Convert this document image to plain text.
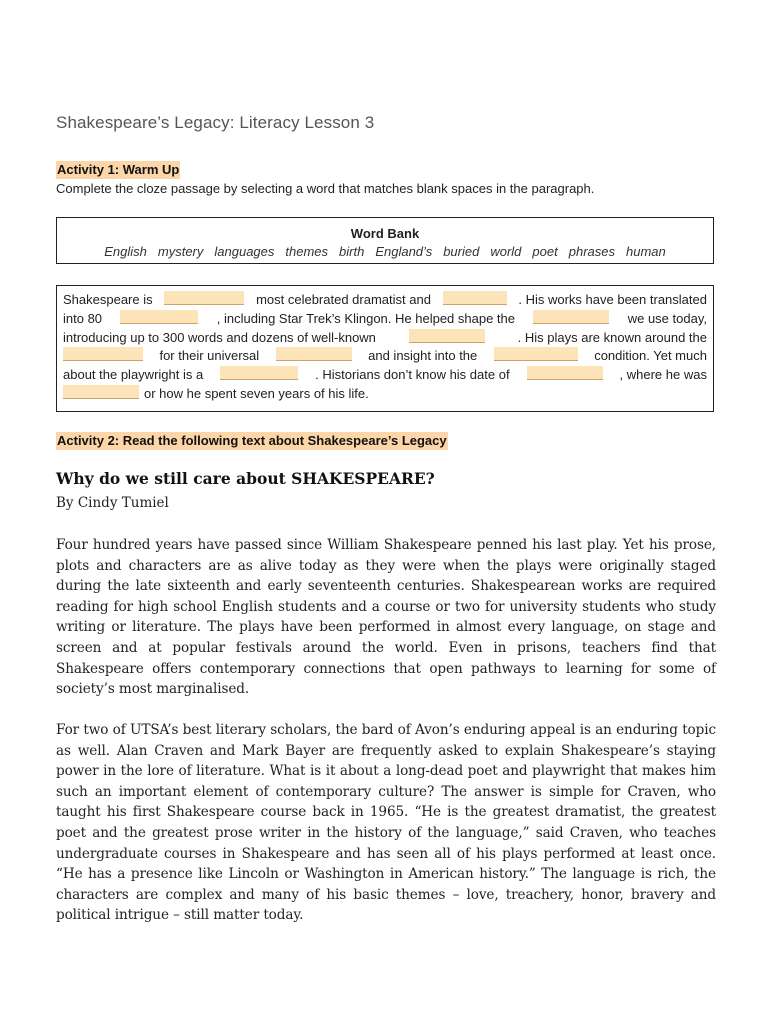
Shakespeare’s Legacy: Literacy Lesson 3
Activity 1: Warm Up

Complete the cloze passage by selecting a word that matches blank spaces in the paragraph.

Word Bank
English mystery languages themes birth England’s buried world poet phrases human
Shakespeare is	most celebrated dramatist and	. His works have been translated
into 80	, including Star Trek’s Klingon. He helped shape the	we use today,
introducing up to 300 words and dozens of well-known	. His plays are known around the
for their universal	and insight into the	condition. Yet much
about the playwright is a	. Historians don’t know his date of	, where he was
or how he spent seven years of his life.
Activity 2: Read the following text about Shakespeare’s Legacy
Why do we still care about SHAKESPEARE?

By Cindy Tumiel

Four hundred years have passed since William Shakespeare penned his last play. Yet his prose, plots and characters are as alive today as they were when the plays were originally staged during the late sixteenth and early seventeenth centuries. Shakespearean works are required reading for high school English students and a course or two for university students who study writing or literature. The plays have been performed in almost every language, on stage and screen and at popular festivals around the world. Even in prisons, teachers find that Shakespeare offers contemporary connections that open pathways to learning for some of society’s most marginalised.

For two of UTSA’s best literary scholars, the bard of Avon’s enduring appeal is an enduring topic as well. Alan Craven and Mark Bayer are frequently asked to explain Shakespeare’s staying power in the lore of literature. What is it about a long-dead poet and playwright that makes him such an important element of contemporary culture? The answer is simple for Craven, who taught his first Shakespeare course back in 1965. “He is the greatest dramatist, the greatest poet and the greatest prose writer in the history of the language,” said Craven, who teaches undergraduate courses in Shakespeare and has seen all of his plays performed at least once. “He has a presence like Lincoln or Washington in American history.” The language is rich, the characters are complex and many of his basic themes – love, treachery, honor, bravery and political intrigue – still matter today.
